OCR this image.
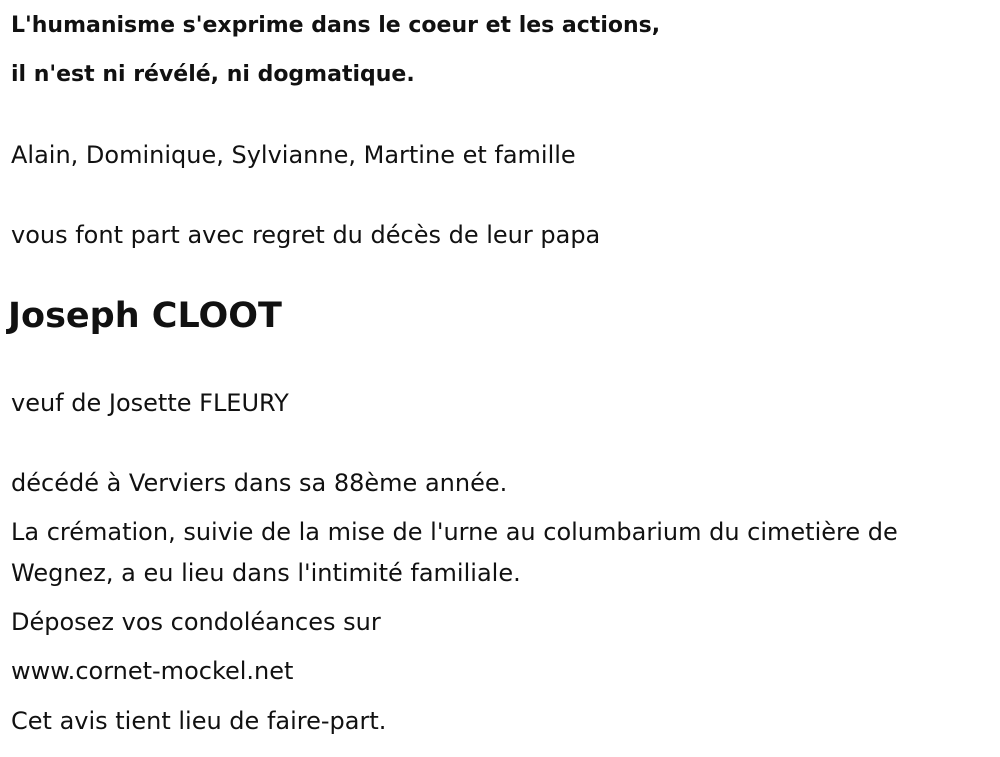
L'humanisme s'exprime dans le coeur et les actions,
il n'est ni révélé, ni dogmatique.
Alain, Dominique, Sylvianne, Martine et famille
vous font part avec regret du décès de leur papa
Joseph CLOOT
veuf de Josette FLEURY
décédé à Verviers dans sa 88ème année.
La crémation, suivie de la mise de l'urne au columbarium du cimetière de Wegnez, a eu lieu dans l'intimité familiale.
Déposez vos condoléances sur
www.cornet-mockel.net
Cet avis tient lieu de faire-part.
